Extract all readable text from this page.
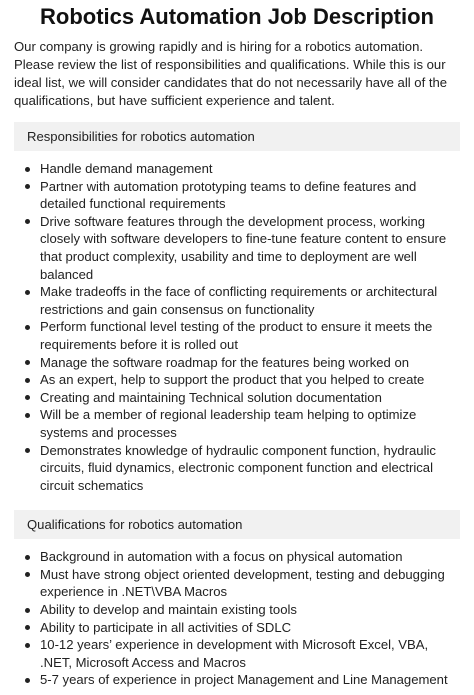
Robotics Automation Job Description

Our company is growing rapidly and is hiring for a robotics automation. Please review the list of responsibilities and qualifications. While this is our ideal list, we will consider candidates that do not necessarily have all of the qualifications, but have sufficient experience and talent.

Responsibilities for robotics automation
Handle demand management
Partner with automation prototyping teams to define features and detailed functional requirements
Drive software features through the development process, working closely with software developers to fine-tune feature content to ensure that product complexity, usability and time to deployment are well balanced
Make tradeoffs in the face of conflicting requirements or architectural restrictions and gain consensus on functionality
Perform functional level testing of the product to ensure it meets the requirements before it is rolled out
Manage the software roadmap for the features being worked on
As an expert, help to support the product that you helped to create
Creating and maintaining Technical solution documentation
Will be a member of regional leadership team helping to optimize systems and processes
Demonstrates knowledge of hydraulic component function, hydraulic circuits, fluid dynamics, electronic component function and electrical circuit schematics
Qualifications for robotics automation
Background in automation with a focus on physical automation
Must have strong object oriented development, testing and debugging experience in .NET\VBA Macros
Ability to develop and maintain existing tools
Ability to participate in all activities of SDLC
10-12 years’ experience in development with Microsoft Excel, VBA, .NET, Microsoft Access and Macros
5-7 years of experience in project Management and Line Management
